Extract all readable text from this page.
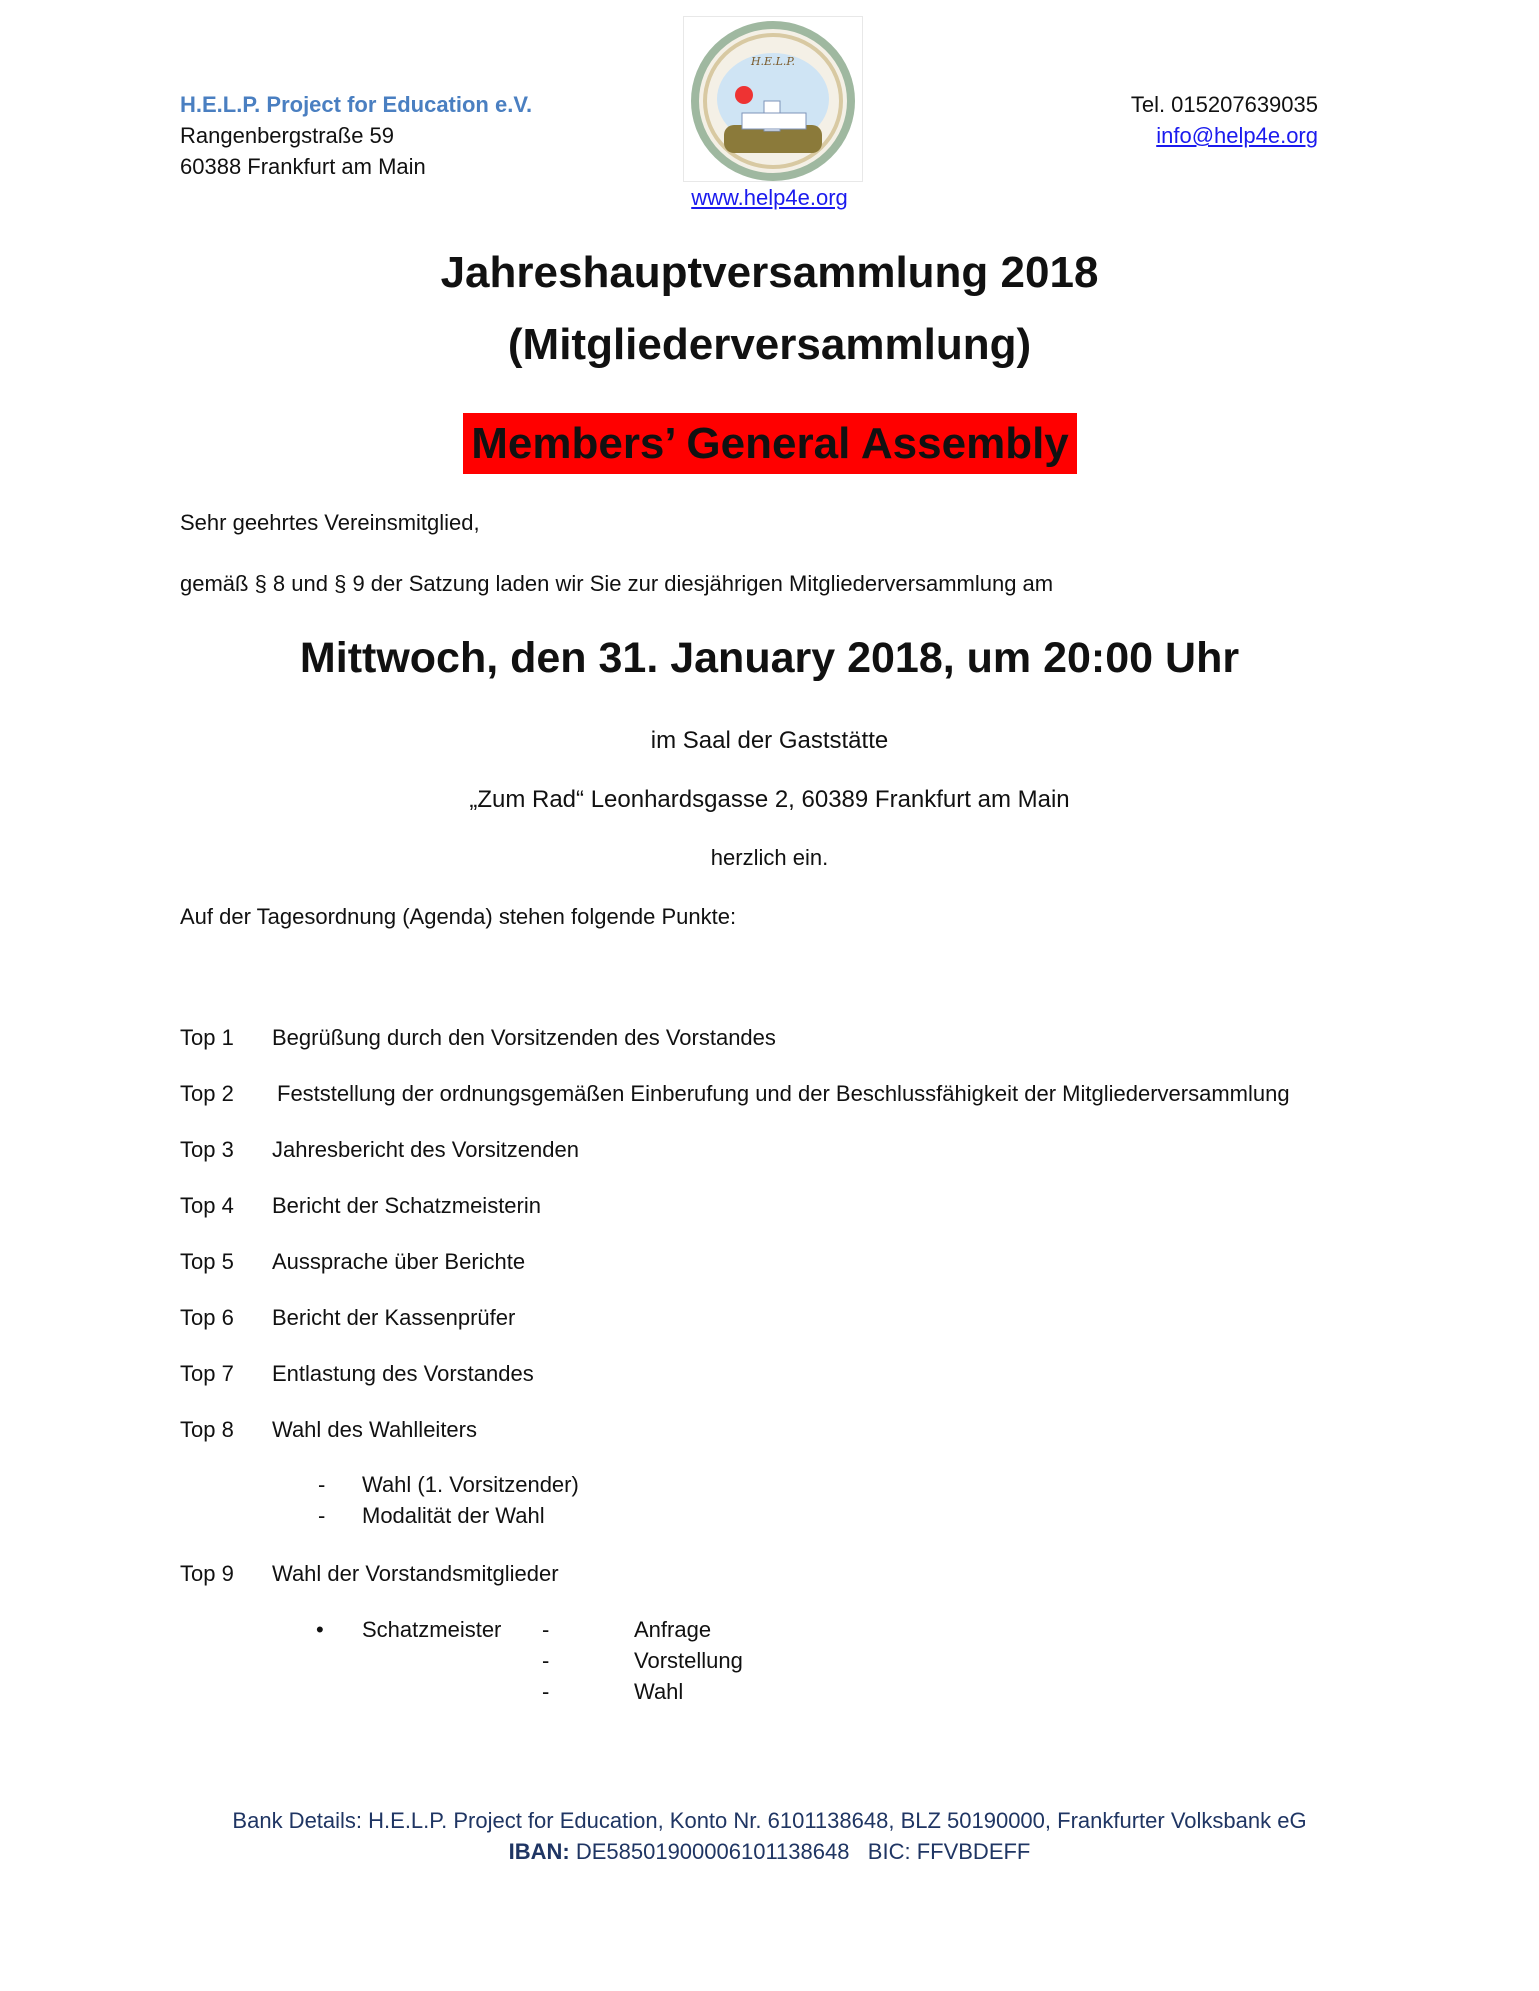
H.E.L.P. Project for Education e.V.
Rangenbergstraße 59
60388 Frankfurt am Main
H.E.L.P.
www.help4e.org
Tel. 015207639035
info@help4e.org
Jahreshauptversammlung 2018
(Mitgliederversammlung)
Members’ General Assembly
Sehr geehrtes Vereinsmitglied,
gemäß § 8 und § 9 der Satzung laden wir Sie zur diesjährigen Mitgliederversammlung am
Mittwoch, den 31. January 2018, um 20:00 Uhr
im Saal der Gaststätte
„Zum Rad“ Leonhardsgasse 2, 60389 Frankfurt am Main
herzlich ein.
Auf der Tagesordnung (Agenda) stehen folgende Punkte:
Top 1 Begrüßung durch den Vorsitzenden des Vorstandes
Top 2 Feststellung der ordnungsgemäßen Einberufung und der Beschlussfähigkeit der Mitgliederversammlung
Top 3 Jahresbericht des Vorsitzenden
Top 4 Bericht der Schatzmeisterin
Top 5 Aussprache über Berichte
Top 6 Bericht der Kassenprüfer
Top 7 Entlastung des Vorstandes
Top 8 Wahl des Wahlleiters
- Wahl (1. Vorsitzender)
- Modalität der Wahl
Top 9 Wahl der Vorstandsmitglieder
• Schatzmeister -	Anfrage
-	Vorstellung
-	Wahl
Bank Details: H.E.L.P. Project for Education, Konto Nr. 6101138648, BLZ 50190000, Frankfurter Volksbank eG
IBAN: DE58501900006101138648   BIC: FFVBDEFF
